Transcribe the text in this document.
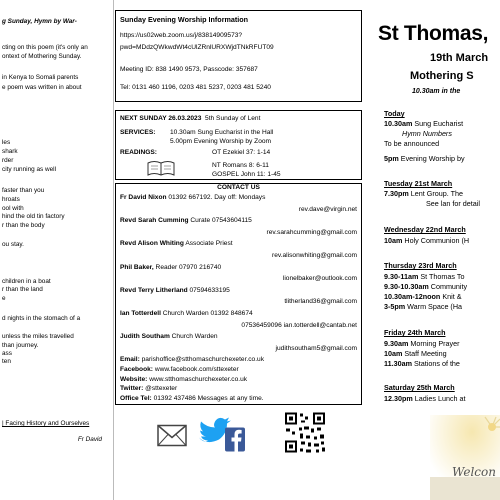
g Sunday, Hymn by War-
cting on this poem (it's only an
ontext of Mothering Sunday.
in Kenya to Somali parents
e poem was written in about
les
shark
rder
city running as well
faster than you
hroats
ool with
hind the old tin factory
r than the body
ou stay.
children in a boat
r than the land
e
d nights in the stomach of a
unless the miles travelled
than journey.
ass
ten
| Facing History and Ourselves
Fr David
Sunday Evening Worship Information
https://us02web.zoom.us/j/83814909573?
pwd=MDdzQWkwdWt4cUlZRnlURXWjdTNkRFUT09
Meeting ID: 838 1490 9573, Passcode: 357687
Tel: 0131 460 1196, 0203 481 5237, 0203 481 5240
NEXT SUNDAY 26.03.2023 5th Sunday of Lent
SERVICES: 10.30am Sung Eucharist in the Hall
5.00pm Evening Worship by Zoom
READINGS:	OT Ezekiel 37: 1-14
NT Romans 8: 6-11
GOSPEL John 11: 1-45
CONTACT US
Fr David Nixon 01392 667192. Day off: Mondays
rev.dave@virgin.net
Revd Sarah Cumming Curate 07543604115
rev.sarahcumming@gmail.com
Revd Alison Whiting Associate Priest
rev.alisonwhiting@gmail.com
Phil Baker, Reader 07970 216740
lionelbaker@outlook.com
Revd Terry Litherland 07594633195
tlitherland36@gmail.com
Ian Totterdell Church Warden 01392 848674
07536459096 ian.totterdell@cantab.net
Judith Southam Church Warden
judithsoutham5@gmail.com
Email: parishoffice@stthomaschurchexeter.co.uk
Facebook: www.facebook.com/sttexeter
Website: www.stthomaschurchexeter.co.uk
Twitter: @sttexeter
Office Tel: 01392 437486 Messages at any time.
St Thomas,
19th March
Mothering S
10.30am in the
Today
10.30am Sung Eucharist
Hymn Numbers
To be announced
5pm Evening Worship by
Tuesday 21st March
7.30pm Lent Group. The
See lan for detail
Wednesday 22nd March
10am Holy Communion (H
Thursday 23rd March
9.30-11am St Thomas To
9.30-10.30am Community
10.30am-12noon Knit &
3-5pm Warm Space (Ha
Friday 24th March
9.30am Morning Prayer
10am Staff Meeting
11.30am Stations of the
Saturday 25th March
12.30pm Ladies Lunch at
Welcon
